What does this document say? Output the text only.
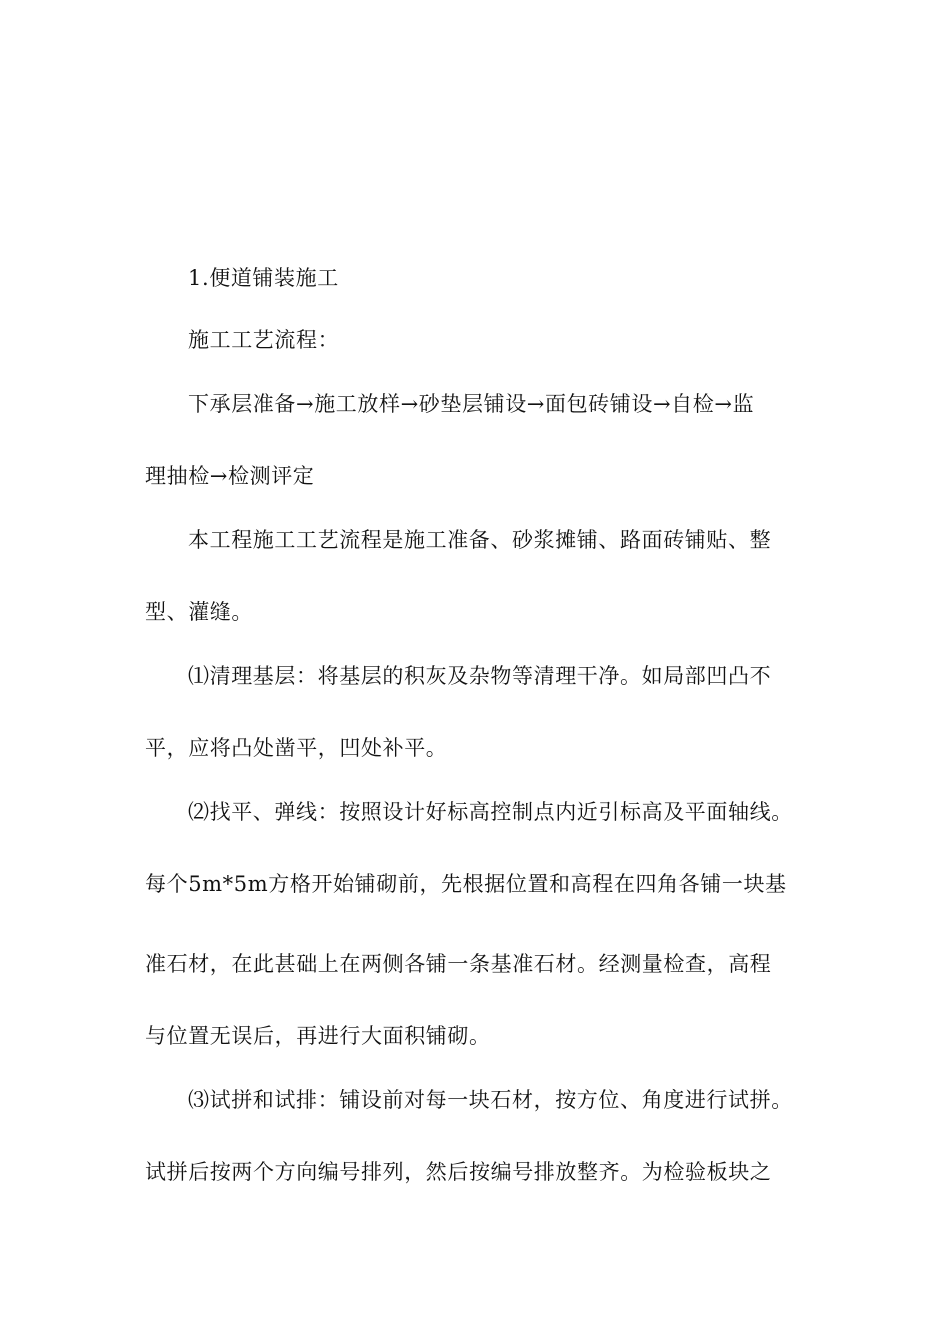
1.便道铺装施工
施工工艺流程：
下承层准备→施工放样→砂垫层铺设→面包砖铺设→自检→监
理抽检→检测评定
本工程施工工艺流程是施工准备、砂浆摊铺、路面砖铺贴、整
型、灌缝。
⑴清理基层：将基层的积灰及杂物等清理干净。如局部凹凸不
平，应将凸处凿平，凹处补平。
⑵找平、弹线：按照设计好标高控制点内近引标高及平面轴线。
每个5m*5m方格开始铺砌前，先根据位置和高程在四角各铺一块基
准石材，在此甚础上在两侧各铺一条基准石材。经测量检查，高程
与位置无误后，再进行大面积铺砌。
⑶试拼和试排：铺设前对每一块石材，按方位、角度进行试拼。
试拼后按两个方向编号排列，然后按编号排放整齐。为检验板块之
